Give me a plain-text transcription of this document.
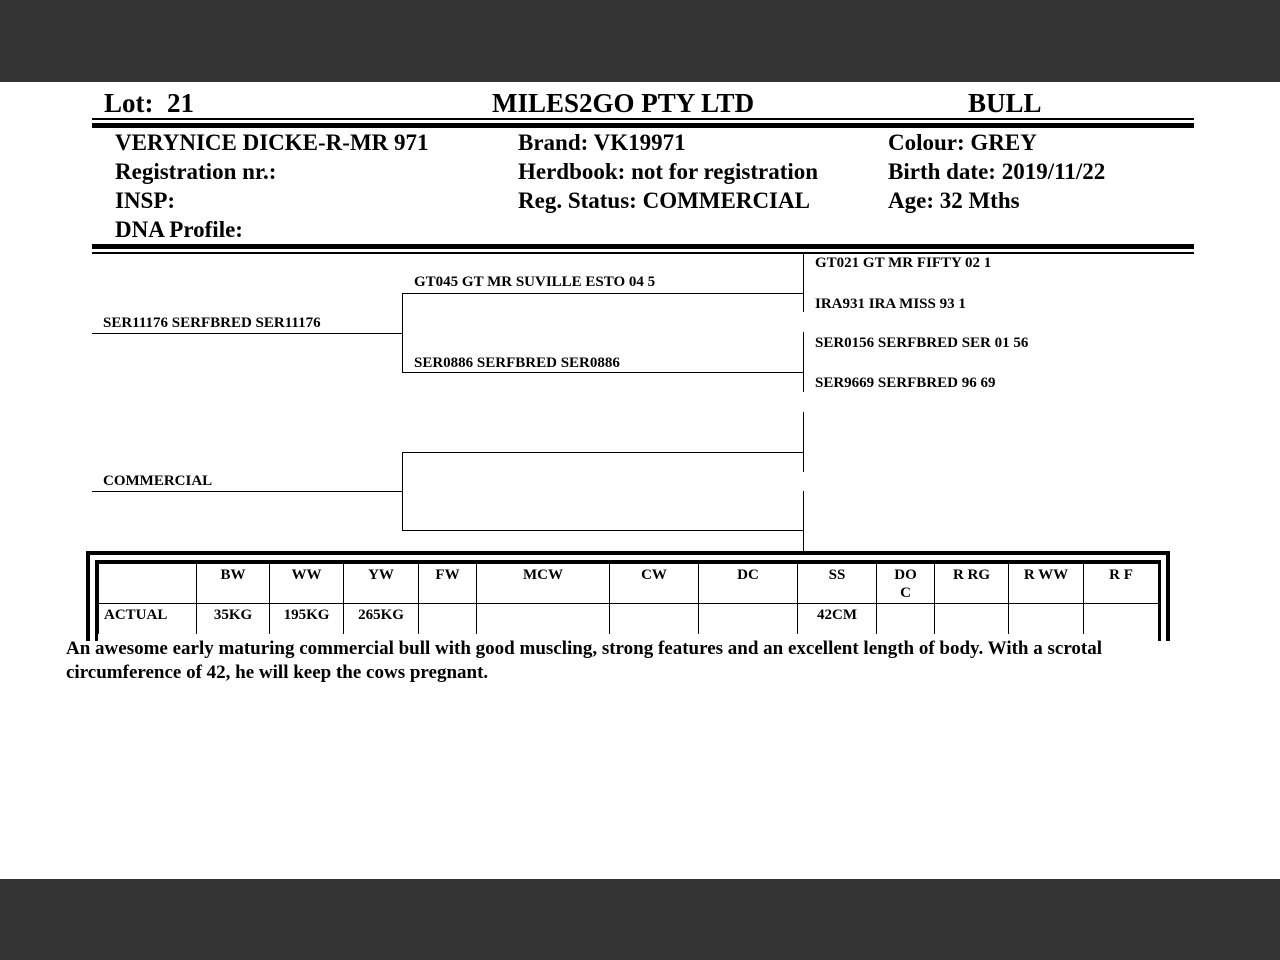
Lot: 21	MILES2GO PTY LTD	BULL
VERYNICE DICKE-R-MR 971
Registration nr.:
INSP:
DNA Profile:
Brand: VK19971
Herdbook: not for registration
Reg. Status: COMMERCIAL
Colour: GREY
Birth date: 2019/11/22
Age: 32 Mths
SER11176 SERFBRED SER11176
COMMERCIAL
GT045 GT MR SUVILLE ESTO 04 5
SER0886 SERFBRED SER0886
GT021 GT MR FIFTY 02 1
IRA931 IRA MISS 93 1
SER0156 SERFBRED SER 01 56
SER9669 SERFBRED 96 69
	BW	WW	YW	FW	MCW	CW	DC	SS	DO C	R RG	R WW	R F
ACTUAL	35KG	195KG	265KG					42CM				
An awesome early maturing commercial bull with good muscling, strong features and an excellent length of body. With a scrotal circumference of 42, he will keep the cows pregnant.
